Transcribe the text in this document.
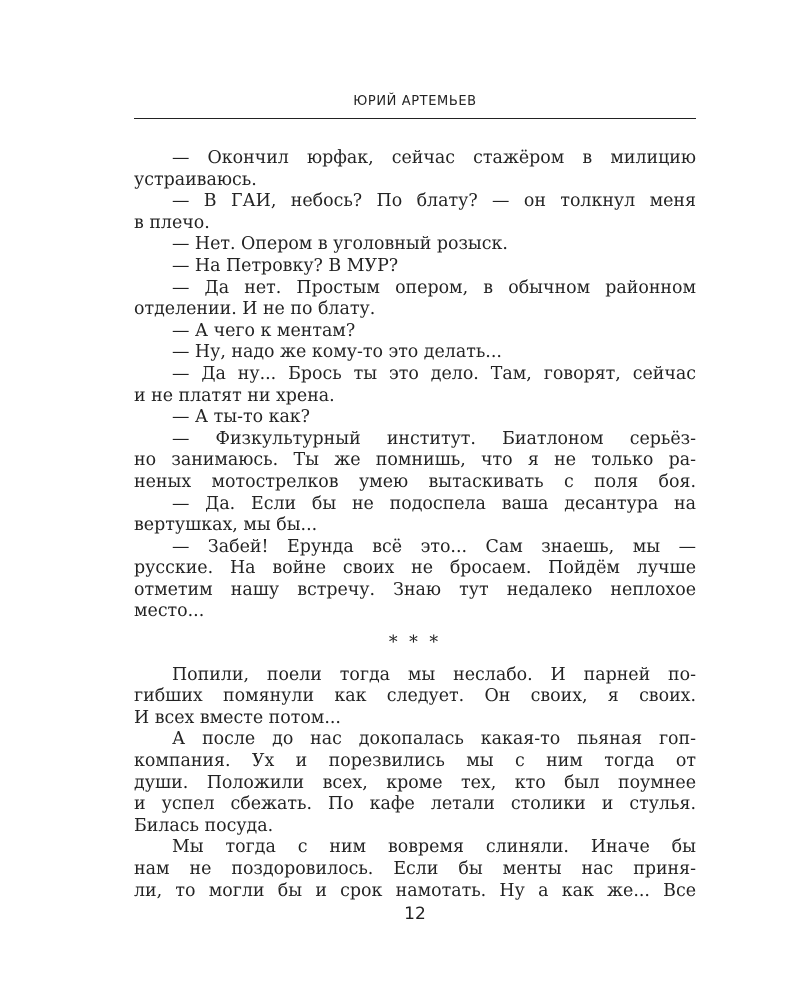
ЮРИЙ АРТЕМЬЕВ
— Окончил юрфак, сейчас стажёром в милицию
устраиваюсь.
— В ГАИ, небось? По блату? — он толкнул меня
в плечо.
— Нет. Опером в уголовный розыск.
— На Петровку? В МУР?
— Да нет. Простым опером, в обычном районном
отделении. И не по блату.
— А чего к ментам?
— Ну, надо же кому-то это делать...
— Да ну... Брось ты это дело. Там, говорят, сейчас
и не платят ни хрена.
— А ты-то как?
— Физкультурный институт. Биатлоном серьёз-
но занимаюсь. Ты же помнишь, что я не только ра-
неных мотострелков умею вытаскивать с поля боя.
— Да. Если бы не подоспела ваша десантура на
вертушках, мы бы...
— Забей! Ерунда всё это... Сам знаешь, мы —
русские. На войне своих не бросаем. Пойдём лучше
отметим нашу встречу. Знаю тут недалеко неплохое
место...
* * *
Попили, поели тогда мы неслабо. И парней по-
гибших помянули как следует. Он своих, я своих.
И всех вместе потом...
А после до нас докопалась какая-то пьяная гоп-
компания. Ух и порезвились мы с ним тогда от
души. Положили всех, кроме тех, кто был поумнее
и успел сбежать. По кафе летали столики и стулья.
Билась посуда.
Мы тогда с ним вовремя слиняли. Иначе бы
нам не поздоровилось. Если бы менты нас приня-
ли, то могли бы и срок намотать. Ну а как же... Все
12
